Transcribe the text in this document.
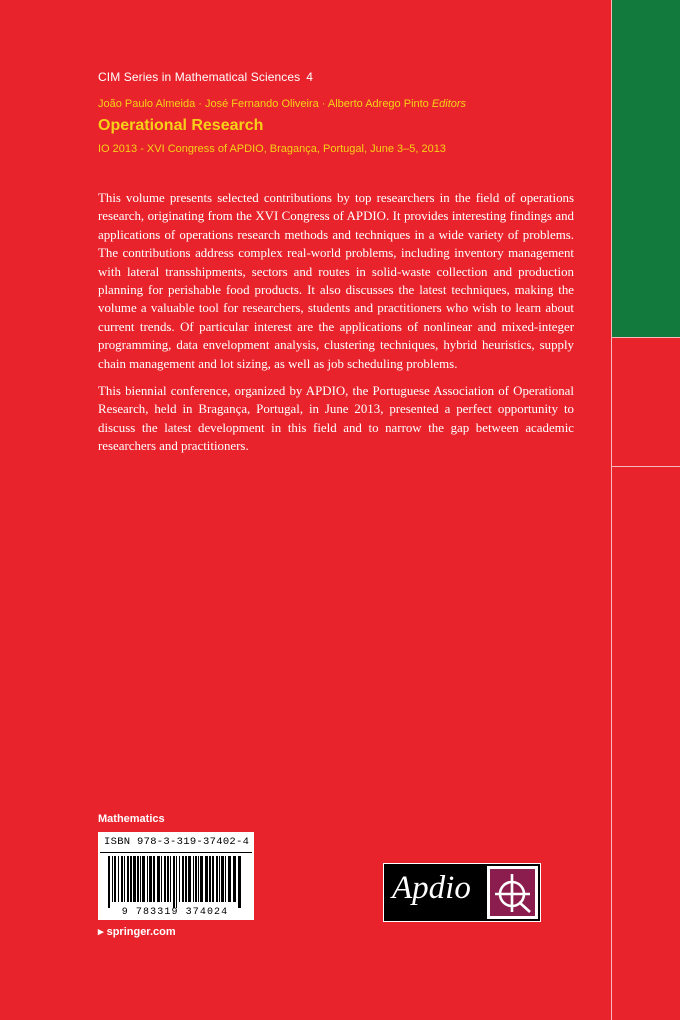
CIM Series in Mathematical Sciences 4
João Paulo Almeida · José Fernando Oliveira · Alberto Adrego Pinto Editors
Operational Research
IO 2013 - XVI Congress of APDIO, Bragança, Portugal, June 3–5, 2013

This volume presents selected contributions by top researchers in the field of operations research, originating from the XVI Congress of APDIO. It provides interesting findings and applications of operations research methods and techniques in a wide variety of problems. The contributions address complex real-world problems, including inventory management with lateral transshipments, sectors and routes in solid-waste collection and production planning for perishable food products. It also discusses the latest techniques, making the volume a valuable tool for researchers, students and practitioners who wish to learn about current trends. Of particular interest are the applications of nonlinear and mixed-integer programming, data envelopment analysis, clustering techniques, hybrid heuristics, supply chain management and lot sizing, as well as job scheduling problems.

This biennial conference, organized by APDIO, the Portuguese Association of Operational Research, held in Bragança, Portugal, in June 2013, presented a perfect opportunity to discuss the latest development in this field and to narrow the gap between academic researchers and practitioners.

Mathematics
ISBN 978-3-319-37402-4
9 783319 374024
▸ springer.com
Apdio
